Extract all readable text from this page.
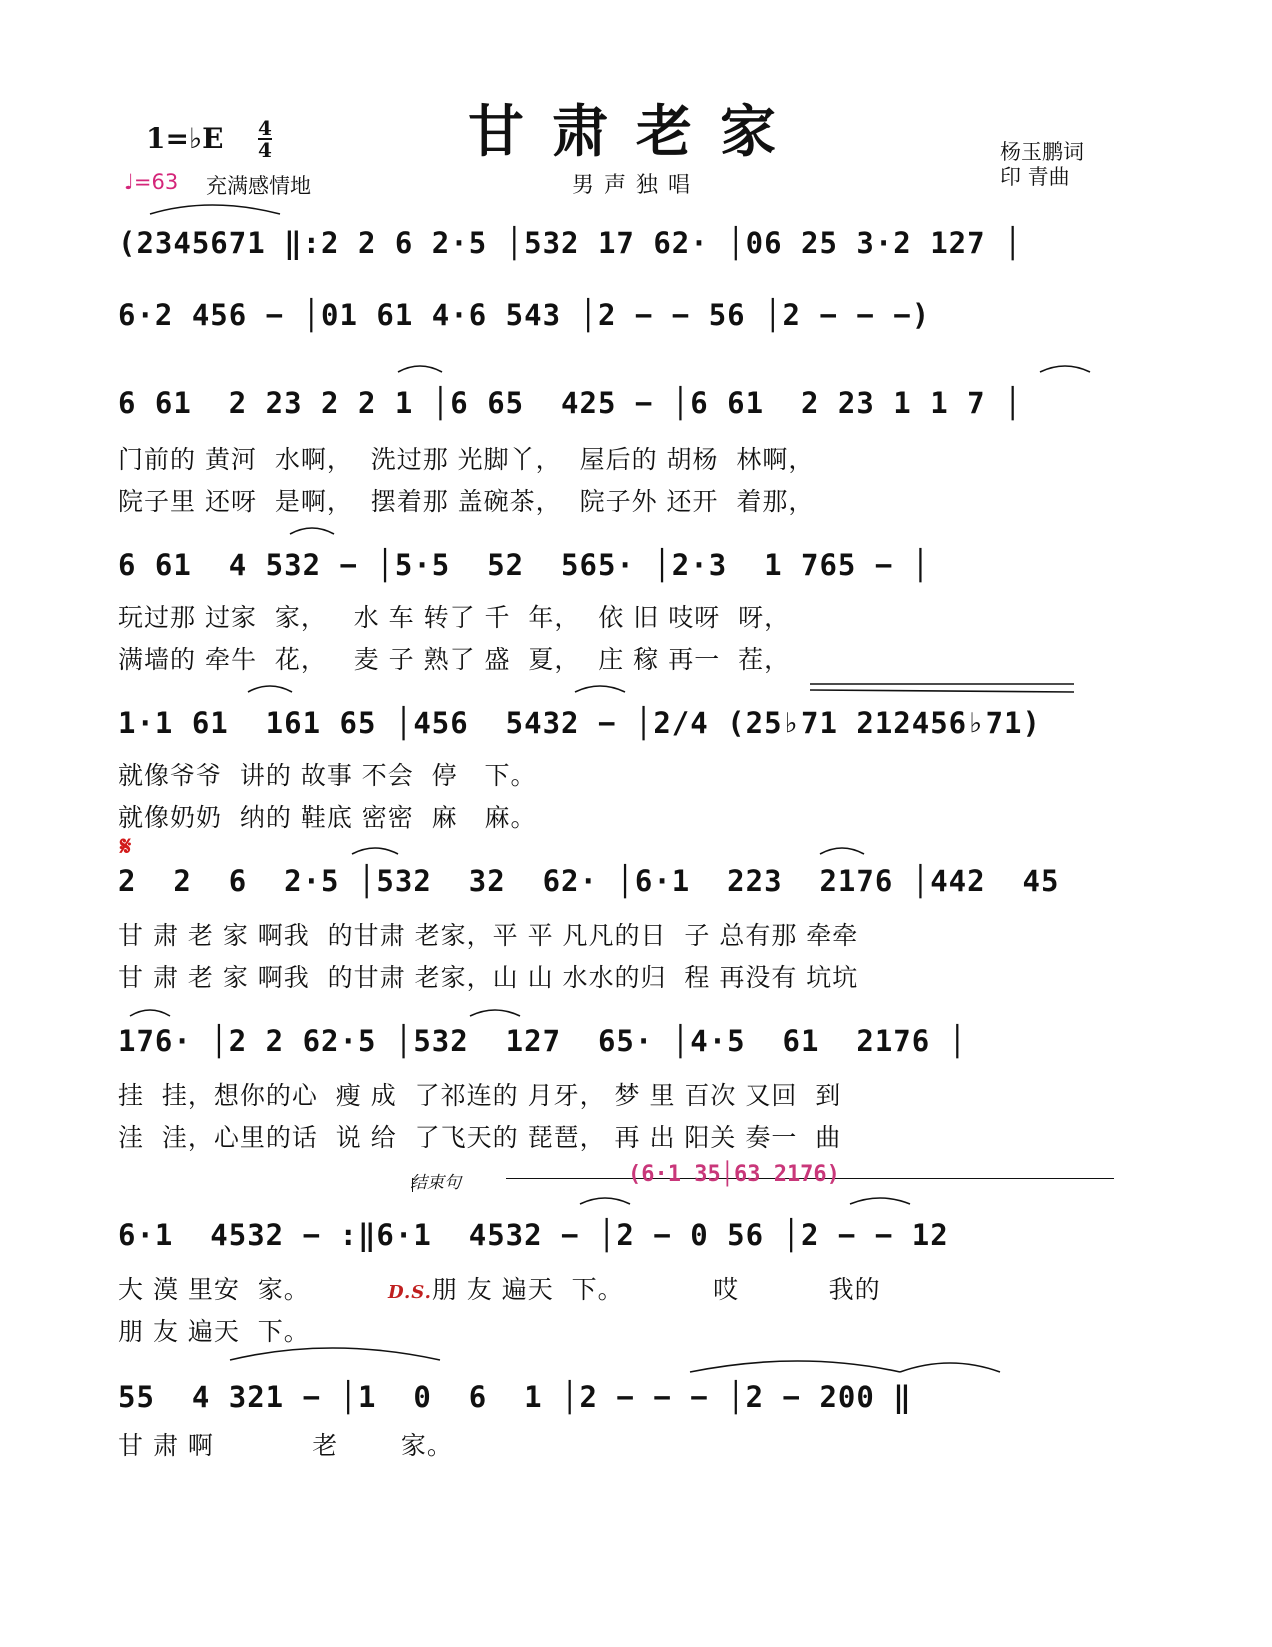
甘肃老家
男声独唱
1=♭E 4
4
♩=63 充满感情地
杨玉鹏词
印 青曲
(2345671 ‖:2 2 6 2·5 │532 17 62· │06 25 3·2 127 │
6·2 456 − │01 61 4·6 543 │2 − − 56 │2 − − −)
6 61  2 23 2 2 1 │6 65  425 − │6 61  2 23 1 1 7 │
门前的 黄河  水啊，  洗过那 光脚丫，  屋后的 胡杨  林啊，
院子里 还呀  是啊，  摆着那 盖碗茶，  院子外 还开  着那，
6 61  4 532 − │5·5  52  565· │2·3  1 765 − │
玩过那 过家  家，   水 车 转了 千  年，  依 旧 吱呀  呀，
满墙的 牵牛  花，   麦 子 熟了 盛  夏，  庄 稼 再一  茬，
1·1 61  161 65 │456  5432 − │2/4 (25♭71 212456♭71)
就像爷爷  讲的 故事 不会  停   下。
就像奶奶  纳的 鞋底 密密  麻   麻。
𝄋
2  2  6  2·5 │532  32  62· │6·1  223  2176 │442  45
甘 肃 老 家 啊我  的甘肃 老家，平 平 凡凡的日  子 总有那 牵牵
甘 肃 老 家 啊我  的甘肃 老家，山 山 水水的归  程 再没有 坑坑
176· │2 2 62·5 │532  127  65· │4·5  61  2176 │
挂  挂，想你的心  瘦 成  了祁连的 月牙， 梦 里 百次 又回  到
洼  洼，心里的话  说 给  了飞天的 琵琶， 再 出 阳关 奏一  曲
结束句	(6·1 35│63 2176)
6·1  4532 − :‖6·1  4532 − │2 − 0 56 │2 − − 12
大 漠 里安  家。	D.S.朋 友 遍天  下。          哎          我的
朋 友 遍天  下。
55  4 321 − │1  0  6  1 │2 − − − │2 − 200 ‖
甘 肃 啊           老       家。
